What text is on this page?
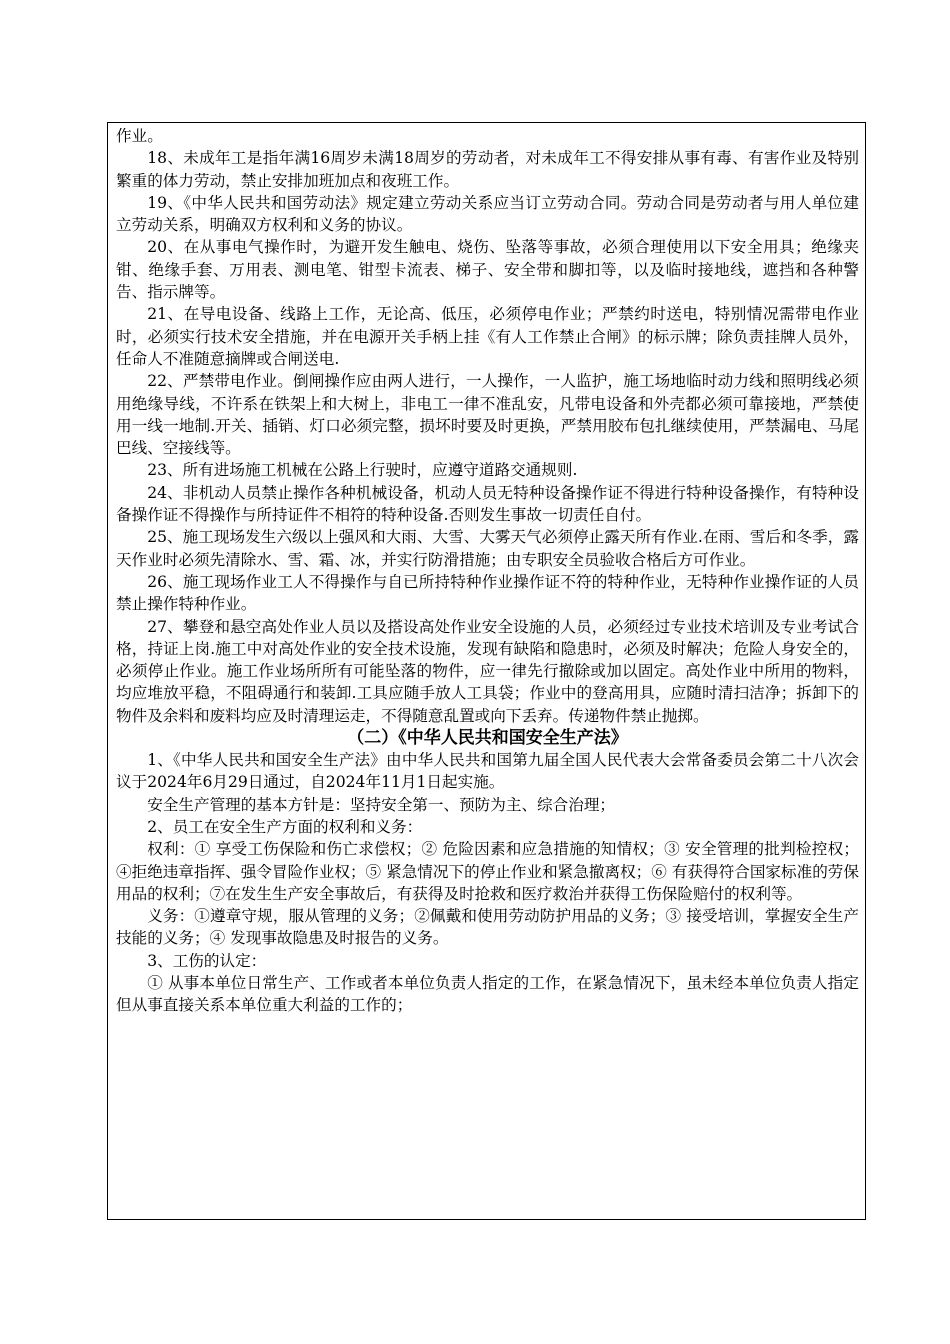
作业。

18、未成年工是指年满16周岁未满18周岁的劳动者，对未成年工不得安排从事有毒、有害作业及特别繁重的体力劳动，禁止安排加班加点和夜班工作。

19、《中华人民共和国劳动法》规定建立劳动关系应当订立劳动合同。劳动合同是劳动者与用人单位建立劳动关系，明确双方权利和义务的协议。

20、在从事电气操作时，为避开发生触电、烧伤、坠落等事故，必须合理使用以下安全用具；绝缘夹钳、绝缘手套、万用表、测电笔、钳型卡流表、梯子、安全带和脚扣等，以及临时接地线，遮挡和各种警告、指示牌等。

21、在导电设备、线路上工作，无论高、低压，必须停电作业；严禁约时送电，特别情况需带电作业时，必须实行技术安全措施，并在电源开关手柄上挂《有人工作禁止合闸》的标示牌；除负责挂牌人员外，任命人不准随意摘牌或合闸送电.

22、严禁带电作业。倒闸操作应由两人进行，一人操作，一人监护，施工场地临时动力线和照明线必须用绝缘导线，不许系在铁架上和大树上，非电工一律不准乱安，凡带电设备和外壳都必须可靠接地，严禁使用一线一地制.开关、插销、灯口必须完整，损坏时要及时更换，严禁用胶布包扎继续使用，严禁漏电、马尾巴线、空接线等。

23、所有进场施工机械在公路上行驶时，应遵守道路交通规则.

24、非机动人员禁止操作各种机械设备，机动人员无特种设备操作证不得进行特种设备操作，有特种设备操作证不得操作与所持证件不相符的特种设备.否则发生事故一切责任自付。

25、施工现场发生六级以上强风和大雨、大雪、大雾天气必须停止露天所有作业.在雨、雪后和冬季，露天作业时必须先清除水、雪、霜、冰，并实行防滑措施；由专职安全员验收合格后方可作业。

26、施工现场作业工人不得操作与自已所持特种作业操作证不符的特种作业，无特种作业操作证的人员禁止操作特种作业。

27、攀登和悬空高处作业人员以及搭设高处作业安全设施的人员，必须经过专业技术培训及专业考试合格，持证上岗.施工中对高处作业的安全技术设施，发现有缺陷和隐患时，必须及时解决；危险人身安全的，必须停止作业。施工作业场所所有可能坠落的物件，应一律先行撤除或加以固定。高处作业中所用的物料，均应堆放平稳，不阻碍通行和装卸.工具应随手放人工具袋；作业中的登高用具，应随时清扫洁净；拆卸下的物件及余料和废料均应及时清理运走，不得随意乱置或向下丢弃。传递物件禁止抛掷。

（二）《中华人民共和国安全生产法》

1、《中华人民共和国安全生产法》由中华人民共和国第九届全国人民代表大会常备委员会第二十八次会议于2024年6月29日通过，自2024年11月1日起实施。

安全生产管理的基本方针是：坚持安全第一、预防为主、综合治理；

2、员工在安全生产方面的权利和义务：

权利：① 享受工伤保险和伤亡求偿权；② 危险因素和应急措施的知情权；③ 安全管理的批判检控权；④拒绝违章指挥、强令冒险作业权；⑤ 紧急情况下的停止作业和紧急撤离权；⑥ 有获得符合国家标准的劳保用品的权利；⑦在发生生产安全事故后，有获得及时抢救和医疗救治并获得工伤保险赔付的权利等。

义务：①遵章守规，服从管理的义务；②佩戴和使用劳动防护用品的义务；③ 接受培训，掌握安全生产技能的义务；④ 发现事故隐患及时报告的义务。

3、工伤的认定：

① 从事本单位日常生产、工作或者本单位负责人指定的工作，在紧急情况下，虽未经本单位负责人指定但从事直接关系本单位重大利益的工作的；
